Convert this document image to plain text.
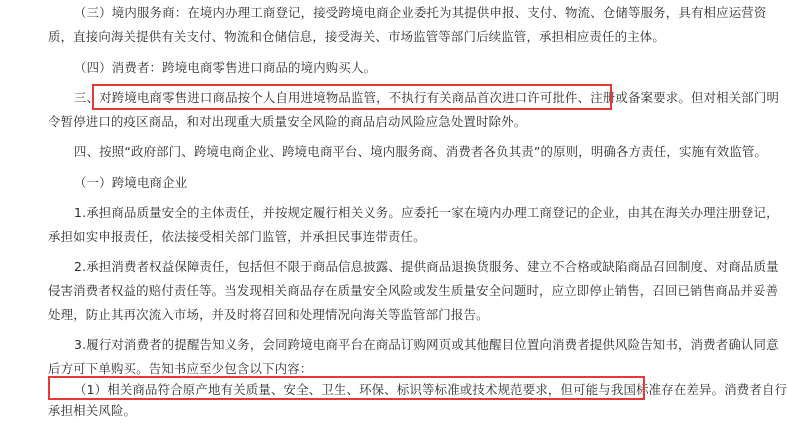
（三）境内服务商：在境内办理工商登记，接受跨境电商企业委托为其提供申报、支付、物流、仓储等服务，具有相应运营资
质，直接向海关提供有关支付、物流和仓储信息，接受海关、市场监管等部门后续监管，承担相应责任的主体。
（四）消费者：跨境电商零售进口商品的境内购买人。
三、对跨境电商零售进口商品按个人自用进境物品监管，不执行有关商品首次进口许可批件、注册或备案要求。但对相关部门明
令暂停进口的疫区商品，和对出现重大质量安全风险的商品启动风险应急处置时除外。
四、按照“政府部门、跨境电商企业、跨境电商平台、境内服务商、消费者各负其责”的原则，明确各方责任，实施有效监管。
（一）跨境电商企业
1.承担商品质量安全的主体责任，并按规定履行相关义务。应委托一家在境内办理工商登记的企业，由其在海关办理注册登记，
承担如实申报责任，依法接受相关部门监管，并承担民事连带责任。
2.承担消费者权益保障责任，包括但不限于商品信息披露、提供商品退换货服务、建立不合格或缺陷商品召回制度、对商品质量
侵害消费者权益的赔付责任等。当发现相关商品存在质量安全风险或发生质量安全问题时，应立即停止销售，召回已销售商品并妥善
处理，防止其再次流入市场，并及时将召回和处理情况向海关等监管部门报告。
3.履行对消费者的提醒告知义务，会同跨境电商平台在商品订购网页或其他醒目位置向消费者提供风险告知书，消费者确认同意
后方可下单购买。告知书应至少包含以下内容：
（1）相关商品符合原产地有关质量、安全、卫生、环保、标识等标准或技术规范要求，但可能与我国标准存在差异。消费者自行
承担相关风险。
